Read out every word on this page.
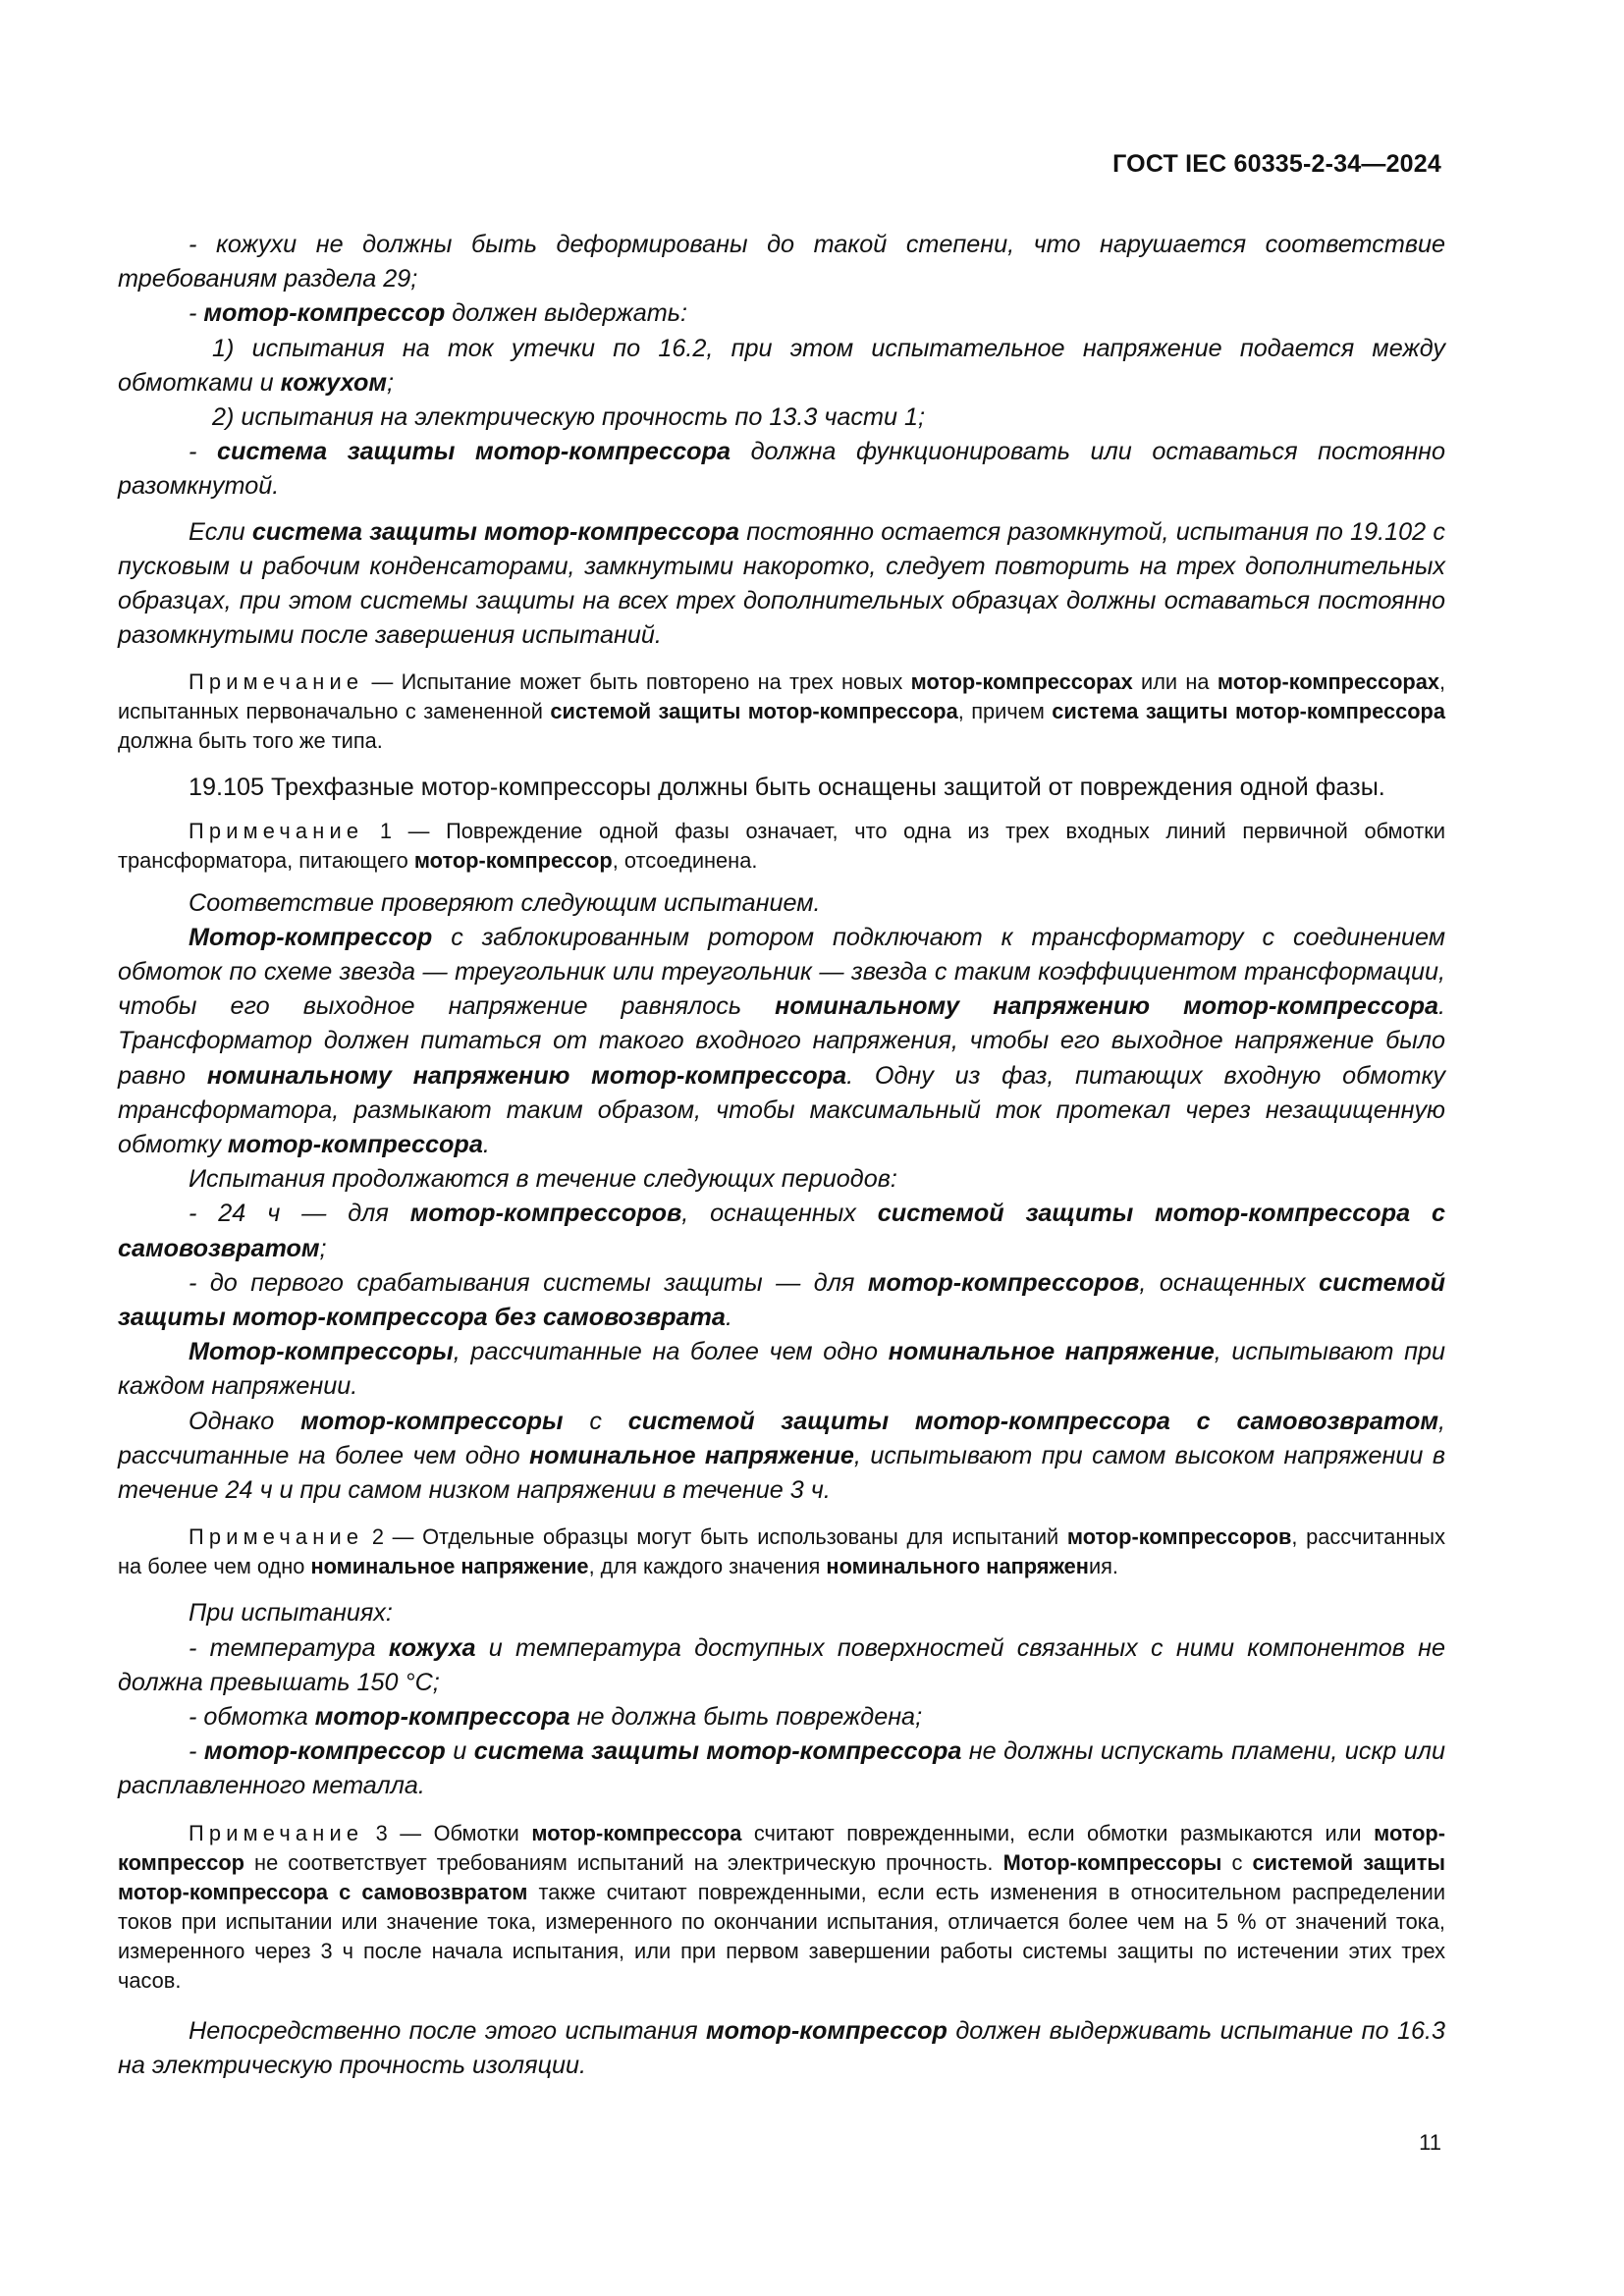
ГОСТ IEC 60335-2-34—2024

- кожухи не должны быть деформированы до такой степени, что нарушается соответствие требованиям раздела 29;

- мотор-компрессор должен выдержать:

1) испытания на ток утечки по 16.2, при этом испытательное напряжение подается между обмотками и кожухом;

2) испытания на электрическую прочность по 13.3 части 1;

- система защиты мотор-компрессора должна функционировать или оставаться постоянно разомкнутой.

Если система защиты мотор-компрессора постоянно остается разомкнутой, испытания по 19.102 с пусковым и рабочим конденсаторами, замкнутыми накоротко, следует повторить на трех дополнительных образцах, при этом системы защиты на всех трех дополнительных образцах должны оставаться постоянно разомкнутыми после завершения испытаний.

Примечание — Испытание может быть повторено на трех новых мотор-компрессорах или на мотор-компрессорах, испытанных первоначально с замененной системой защиты мотор-компрессора, причем система защиты мотор-компрессора должна быть того же типа.

19.105 Трехфазные мотор-компрессоры должны быть оснащены защитой от повреждения одной фазы.

Примечание 1 — Повреждение одной фазы означает, что одна из трех входных линий первичной обмотки трансформатора, питающего мотор-компрессор, отсоединена.

Соответствие проверяют следующим испытанием.

Мотор-компрессор с заблокированным ротором подключают к трансформатору с соединением обмоток по схеме звезда — треугольник или треугольник — звезда с таким коэффициентом трансформации, чтобы его выходное напряжение равнялось номинальному напряжению мотор-компрессора. Трансформатор должен питаться от такого входного напряжения, чтобы его выходное напряжение было равно номинальному напряжению мотор-компрессора. Одну из фаз, питающих входную обмотку трансформатора, размыкают таким образом, чтобы максимальный ток протекал через незащищенную обмотку мотор-компрессора.

Испытания продолжаются в течение следующих периодов:

- 24 ч — для мотор-компрессоров, оснащенных системой защиты мотор-компрессора с самовозвратом;

- до первого срабатывания системы защиты — для мотор-компрессоров, оснащенных системой защиты мотор-компрессора без самовозврата.

Мотор-компрессоры, рассчитанные на более чем одно номинальное напряжение, испытывают при каждом напряжении.

Однако мотор-компрессоры с системой защиты мотор-компрессора с самовозвратом, рассчитанные на более чем одно номинальное напряжение, испытывают при самом высоком напряжении в течение 24 ч и при самом низком напряжении в течение 3 ч.

Примечание 2 — Отдельные образцы могут быть использованы для испытаний мотор-компрессоров, рассчитанных на более чем одно номинальное напряжение, для каждого значения номинального напряжения.

При испытаниях:

- температура кожуха и температура доступных поверхностей связанных с ними компонентов не должна превышать 150 °C;

- обмотка мотор-компрессора не должна быть повреждена;

- мотор-компрессор и система защиты мотор-компрессора не должны испускать пламени, искр или расплавленного металла.

Примечание 3 — Обмотки мотор-компрессора считают поврежденными, если обмотки размыкаются или мотор-компрессор не соответствует требованиям испытаний на электрическую прочность. Мотор-компрессоры с системой защиты мотор-компрессора с самовозвратом также считают поврежденными, если есть изменения в относительном распределении токов при испытании или значение тока, измеренного по окончании испытания, отличается более чем на 5 % от значений тока, измеренного через 3 ч после начала испытания, или при первом завершении работы системы защиты по истечении этих трех часов.

Непосредственно после этого испытания мотор-компрессор должен выдерживать испытание по 16.3 на электрическую прочность изоляции.

11
